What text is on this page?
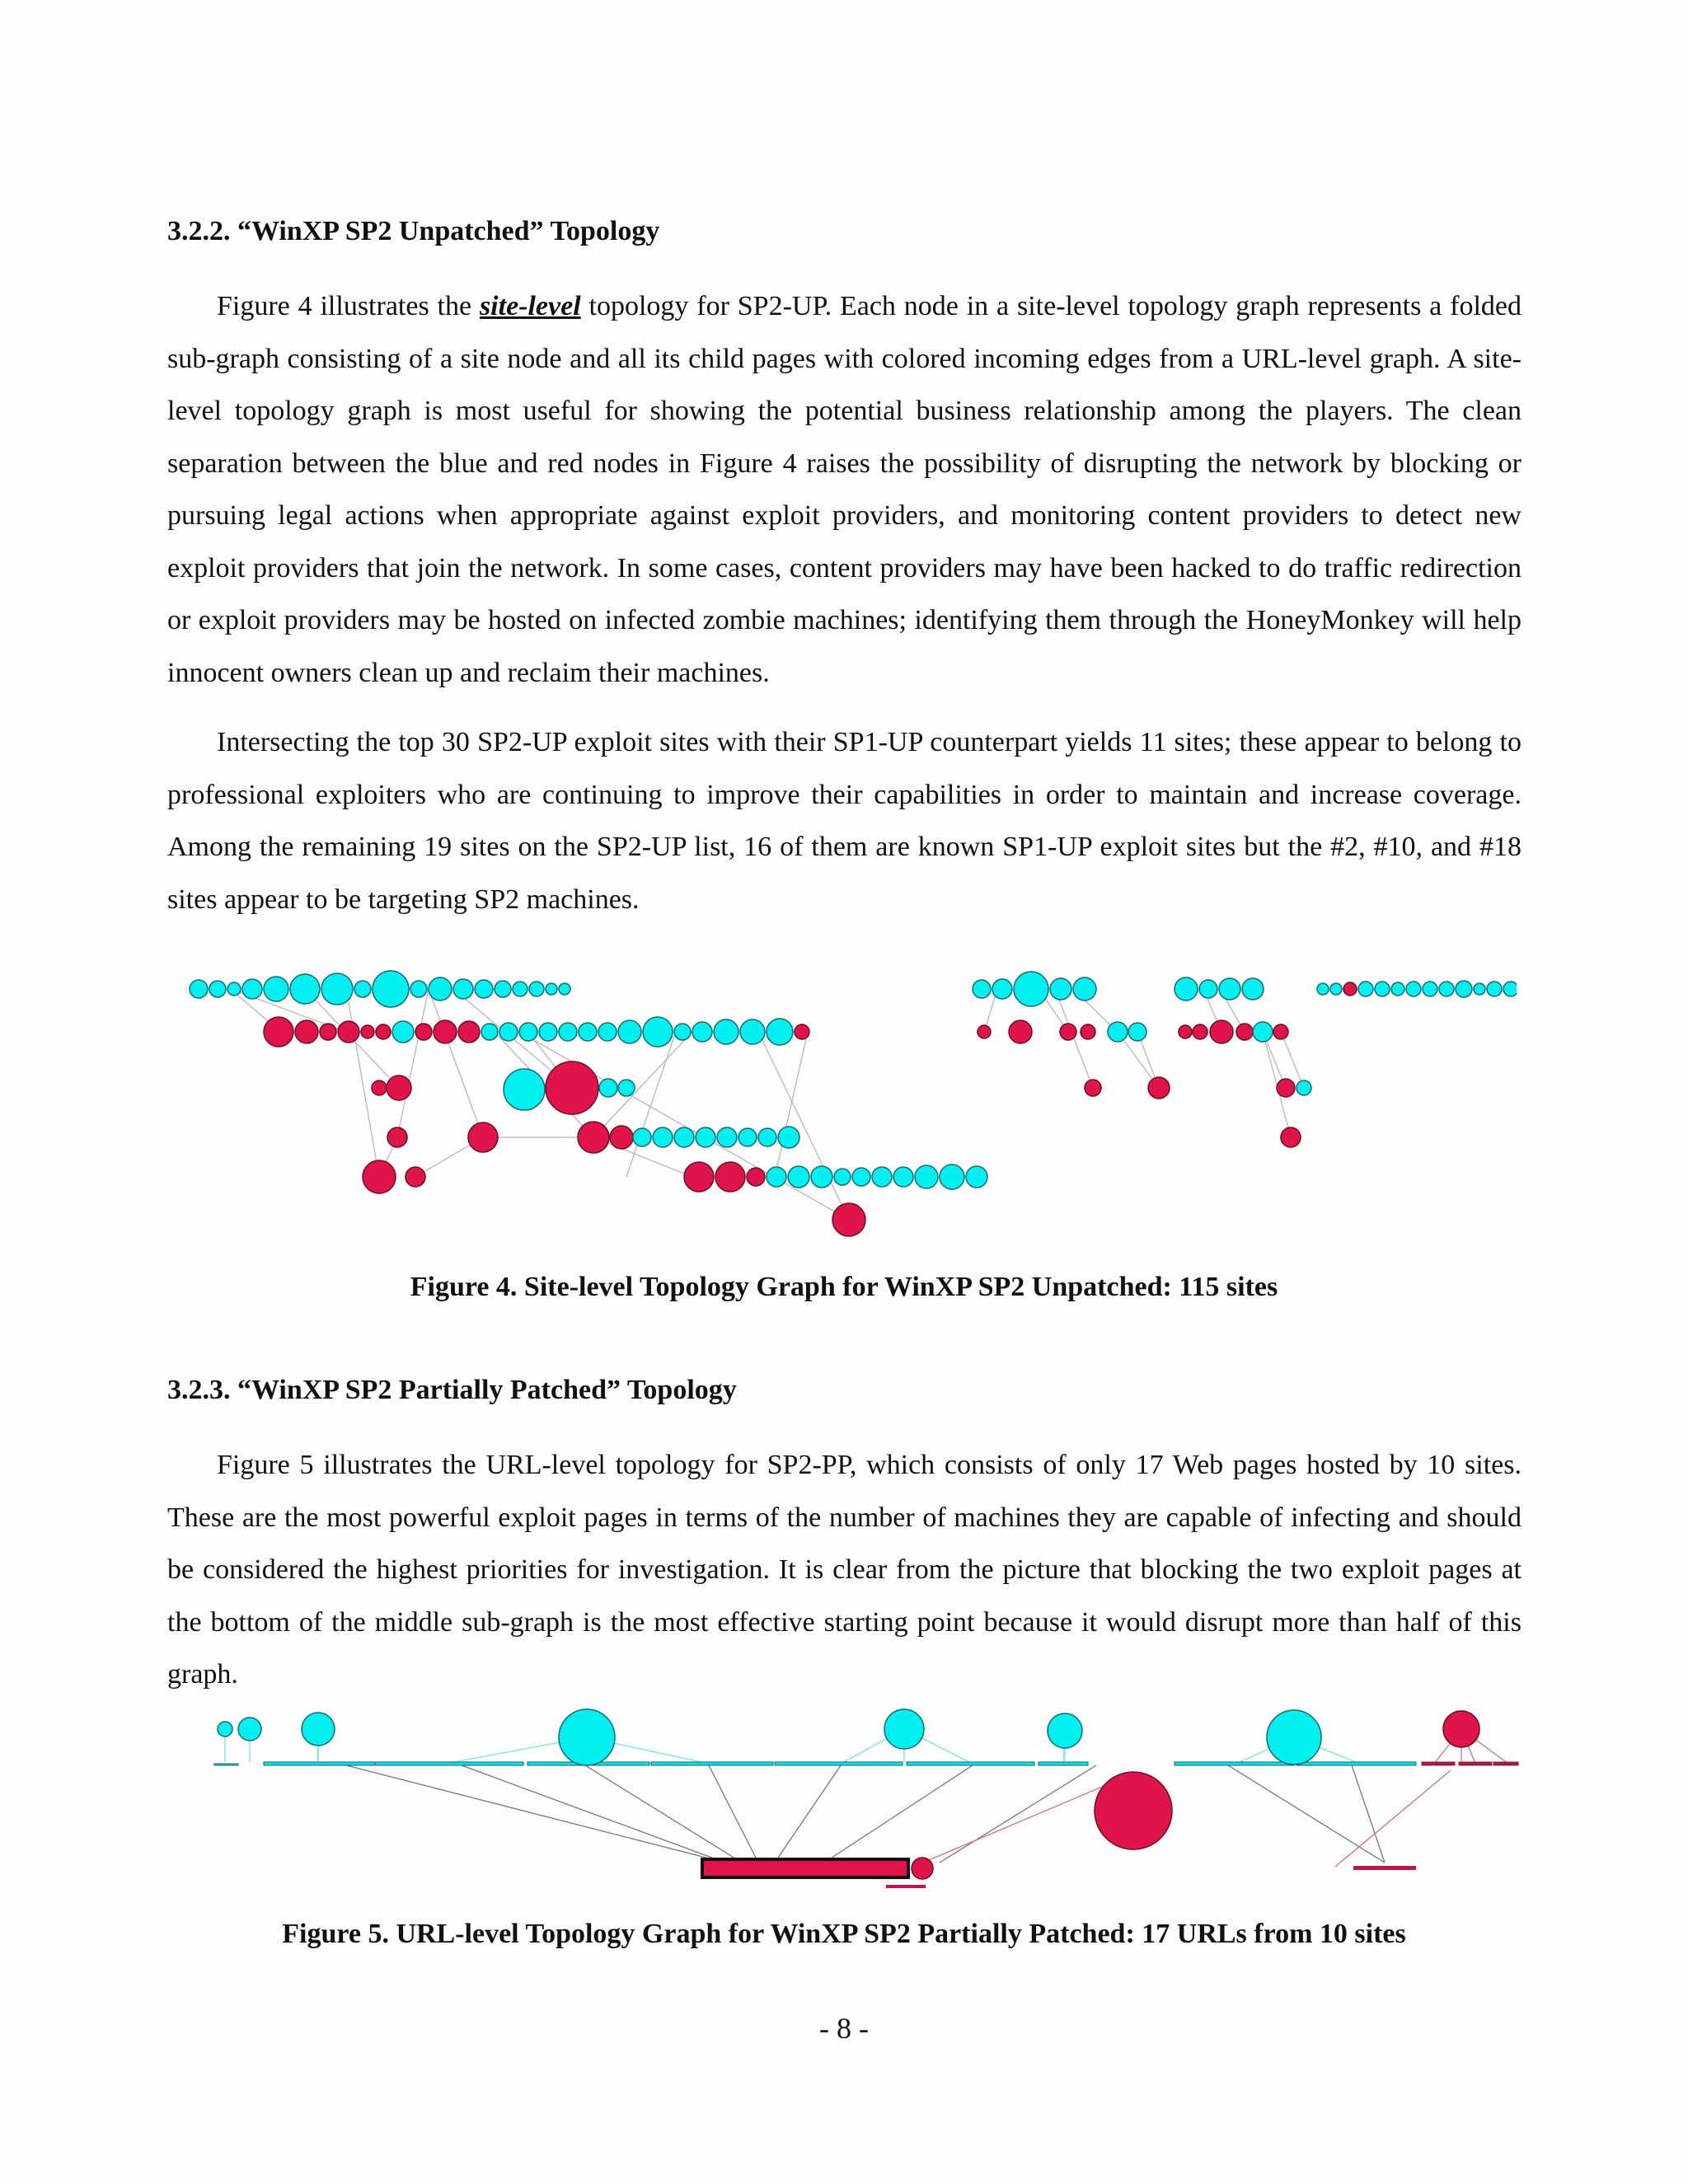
3.2.2. “WinXP SP2 Unpatched” Topology

Figure 4 illustrates the site-level topology for SP2-UP. Each node in a site-level topology graph represents a folded sub-graph consisting of a site node and all its child pages with colored incoming edges from a URL-level graph. A site-level topology graph is most useful for showing the potential business relationship among the players. The clean separation between the blue and red nodes in Figure 4 raises the possibility of disrupting the network by blocking or pursuing legal actions when appropriate against exploit providers, and monitoring content providers to detect new exploit providers that join the network. In some cases, content providers may have been hacked to do traffic redirection or exploit providers may be hosted on infected zombie machines; identifying them through the HoneyMonkey will help innocent owners clean up and reclaim their machines.

Intersecting the top 30 SP2-UP exploit sites with their SP1-UP counterpart yields 11 sites; these appear to belong to professional exploiters who are continuing to improve their capabilities in order to maintain and increase coverage. Among the remaining 19 sites on the SP2-UP list, 16 of them are known SP1-UP exploit sites but the #2, #10, and #18 sites appear to be targeting SP2 machines.

Figure 4. Site-level Topology Graph for WinXP SP2 Unpatched: 115 sites
3.2.3. “WinXP SP2 Partially Patched” Topology

Figure 5 illustrates the URL-level topology for SP2-PP, which consists of only 17 Web pages hosted by 10 sites. These are the most powerful exploit pages in terms of the number of machines they are capable of infecting and should be considered the highest priorities for investigation. It is clear from the picture that blocking the two exploit pages at the bottom of the middle sub-graph is the most effective starting point because it would disrupt more than half of this graph.

Figure 5. URL-level Topology Graph for WinXP SP2 Partially Patched: 17 URLs from 10 sites
- 8 -
